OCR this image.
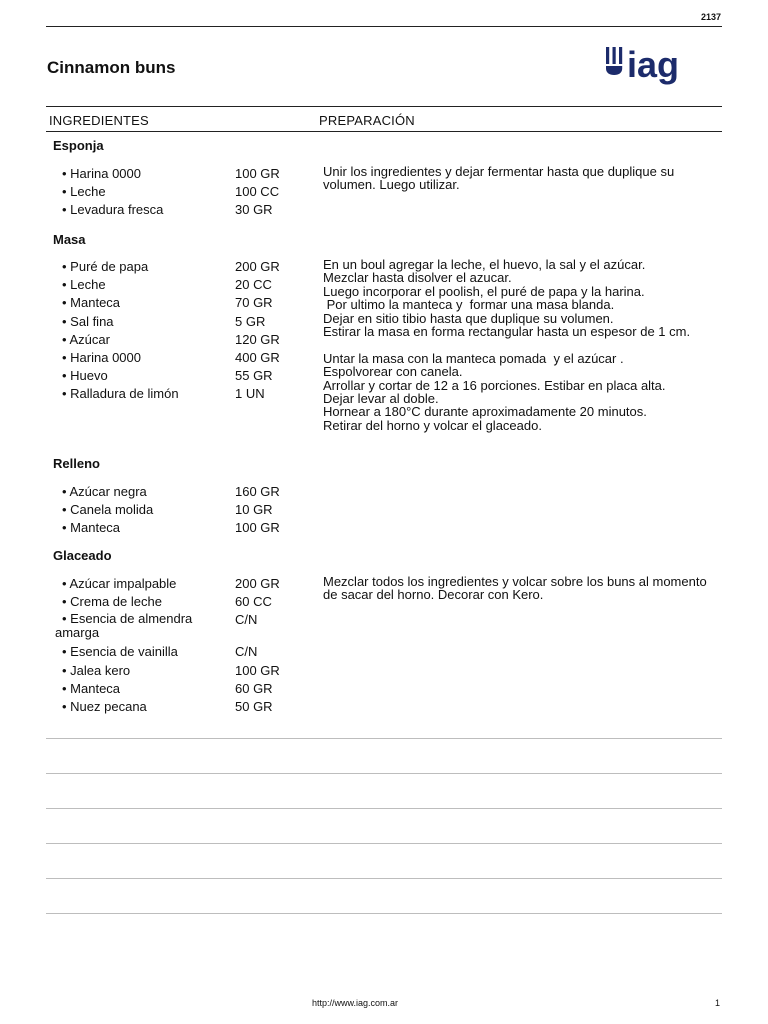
2137
Cinnamon buns	iag
INGREDIENTES	PREPARACIÓN
Esponja
• Harina 0000	100 GR
• Leche	100 CC
• Levadura fresca	30 GR

Unir los ingredientes y dejar fermentar hasta que duplique su volumen. Luego utilizar.

Masa
• Puré de papa	200 GR
• Leche	20 CC
• Manteca	70 GR
• Sal fina	5 GR
• Azúcar	120 GR
• Harina 0000	400 GR
• Huevo	55 GR
• Ralladura de limón	1 UN

En un boul agregar la leche, el huevo, la sal y el azúcar.

Mezclar hasta disolver el azucar.

Luego incorporar el poolish, el puré de papa y la harina.

Por ultimo la manteca y  formar una masa blanda.

Dejar en sitio tibio hasta que duplique su volumen.

Estirar la masa en forma rectangular hasta un espesor de 1 cm.

Untar la masa con la manteca pomada  y el azúcar .

Espolvorear con canela.

Arrollar y cortar de 12 a 16 porciones. Estibar en placa alta.

Dejar levar al doble.

Hornear a 180°C durante aproximadamente 20 minutos.

Retirar del horno y volcar el glaceado.

Relleno
• Azúcar negra	160 GR
• Canela molida	10 GR
• Manteca	100 GR
Glaceado
• Azúcar impalpable	200 GR
• Crema de leche	60 CC
• Esencia de almendra amarga
C/N
• Esencia de vainilla	C/N
• Jalea kero	100 GR
• Manteca	60 GR
• Nuez pecana	50 GR

Mezclar todos los ingredientes y volcar sobre los buns al momento de sacar del horno. Decorar con Kero.

http://www.iag.com.ar	1
